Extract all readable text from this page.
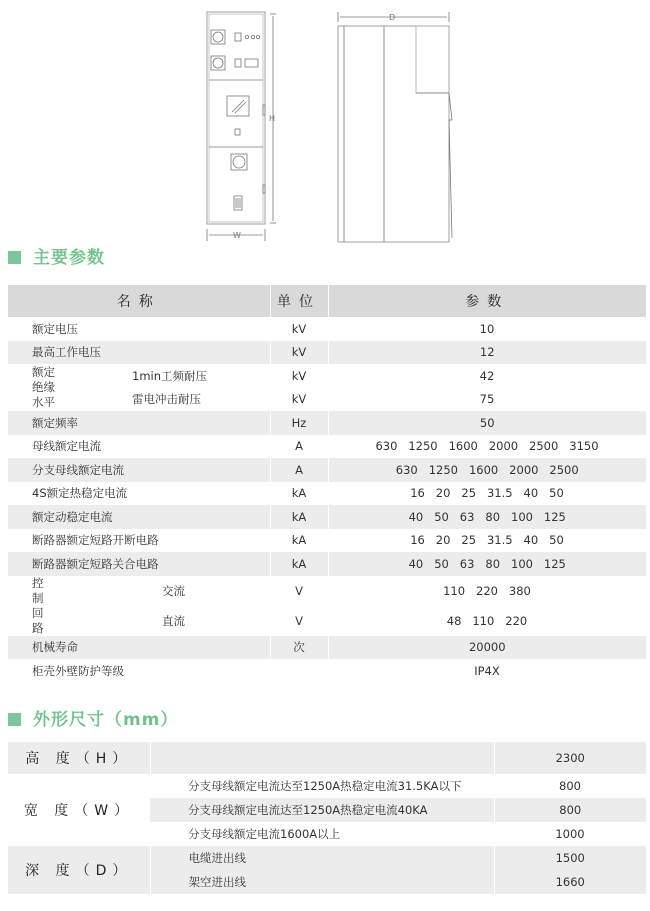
H
W
D
主要参数
名称		单位	参数
额定电压		kV	10
最高工作电压		kV	12
额定绝缘水平	1min工频耐压	kV	42
	雷电冲击耐压	kV	75
额定频率		Hz	50
母线额定电流		A	630   1250   1600   2000   2500   3150
分支母线额定电流		A	630   1250   1600   2000   2500
4S额定热稳定电流		kA	16   20   25   31.5   40   50
额定动稳定电流		kA	40   50   63   80   100   125
断路器额定短路开断电路		kA	16   20   25   31.5   40   50
断路器额定短路关合电路		kA	40   50   63   80   100   125
控制回路	交流	V	110   220   380
	直流	V	48   110   220
机械寿命		次	20000
柜壳外壁防护等级			IP4X
外形尺寸（mm）
高 度（H）		2300
宽 度（W）	分支母线额定电流达至1250A热稳定电流31.5KA以下	800
	分支母线额定电流达至1250A热稳定电流40KA	800
	分支母线额定电流1600A以上	1000
深 度（D）	电缆进出线	1500
	架空进出线	1660
